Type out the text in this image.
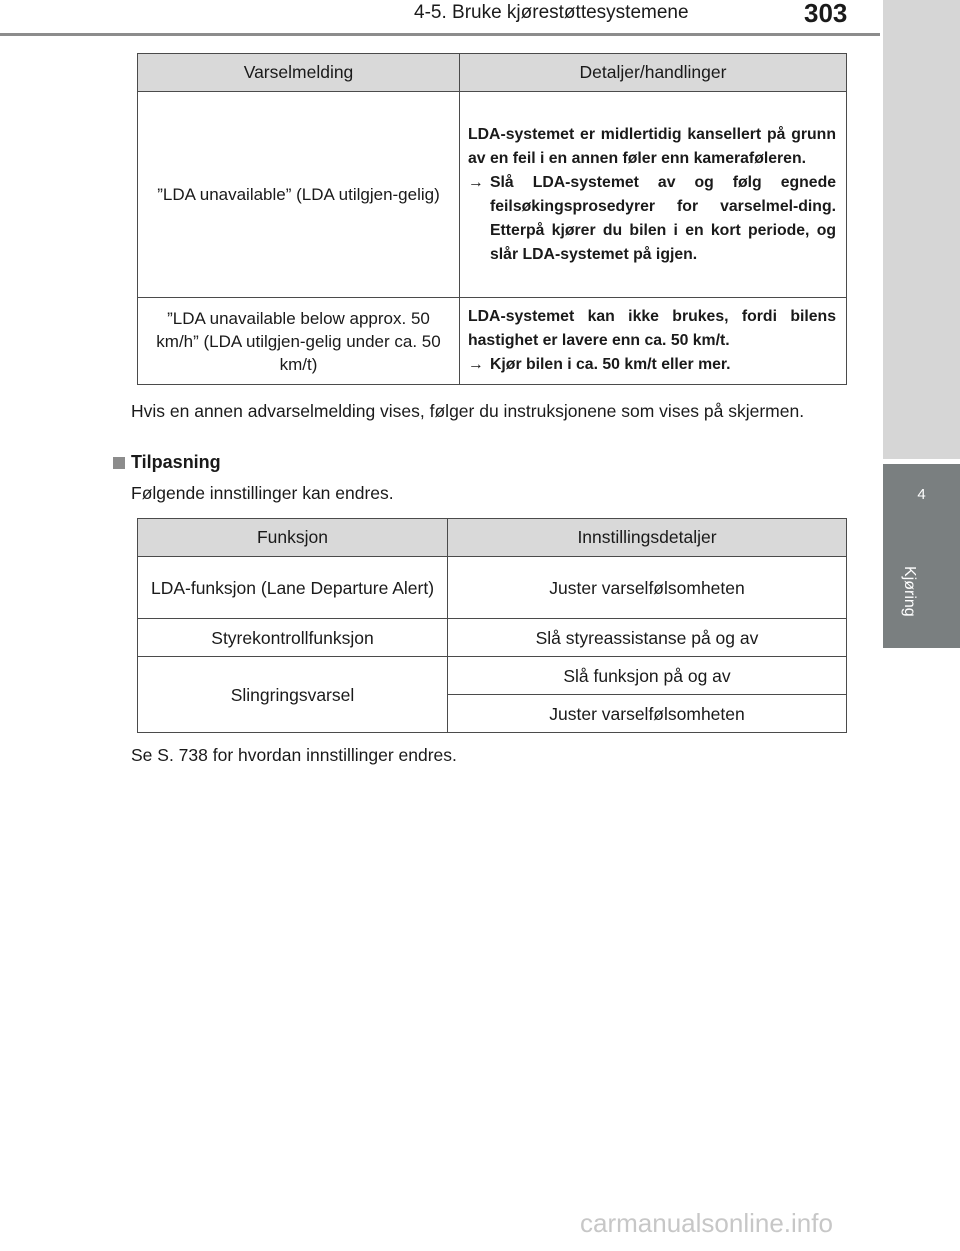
4
Kjøring
4-5. Bruke kjørestøttesystemene	303
Varselmelding	Detaljer/handlinger
”LDA unavailable” (LDA utilgjen-gelig)	LDA-systemet er midlertidig kansellert på grunn av en feil i en annen føler enn kameraføleren.
→ Slå LDA-systemet av og følg egnede feilsøkingsprosedyrer for varselmel-ding. Etterpå kjører du bilen i en kort periode, og slår LDA-systemet på igjen.

”LDA unavailable below approx. 50 km/h” (LDA utilgjen-gelig under ca. 50 km/t)	LDA-systemet kan ikke brukes, fordi bilens hastighet er lavere enn ca. 50 km/t.
→ Kjør bilen i ca. 50 km/t eller mer.
Hvis en annen advarselmelding vises, følger du instruksjonene som vises på skjermen.
Tilpasning
Følgende innstillinger kan endres.
Funksjon	Innstillingsdetaljer
LDA-funksjon (Lane Departure Alert)	Juster varselfølsomheten
Styrekontrollfunksjon	Slå styreassistanse på og av
Slingringsvarsel	Slå funksjon på og av
	Juster varselfølsomheten
Se S. 738 for hvordan innstillinger endres.
carmanualsonline.info
